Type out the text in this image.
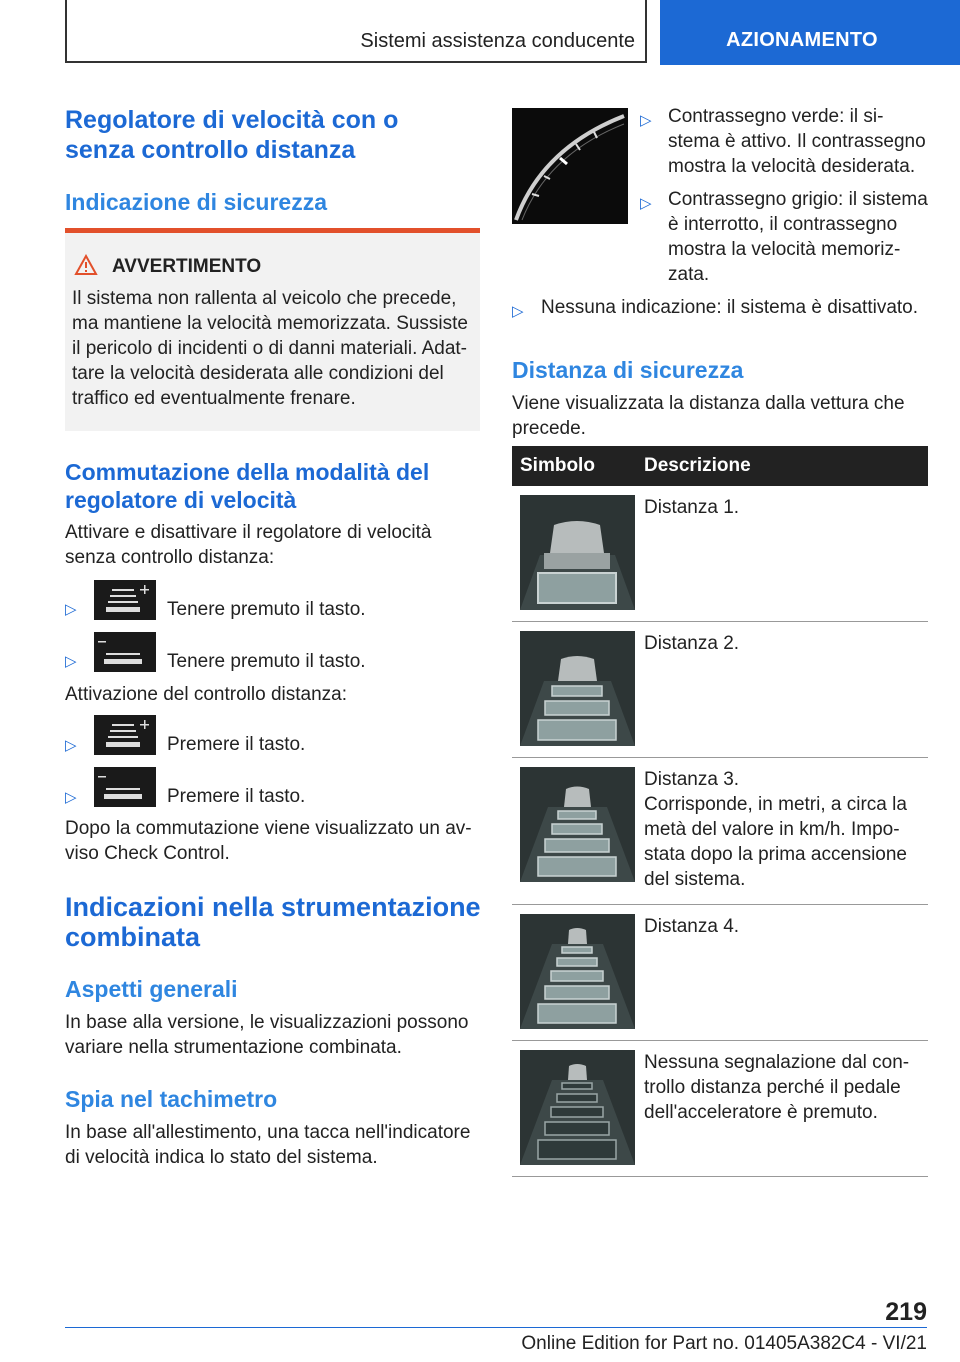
Sistemi assistenza conducente	AZIONAMENTO
Regolatore di velocità con o
senza controllo distanza
Indicazione di sicurezza
AVVERTIMENTO
Il sistema non rallenta al veicolo che precede,
ma mantiene la velocità memorizzata. Sussiste
il pericolo di incidenti o di danni materiali. Adat-
tare la velocità desiderata alle condizioni del
traffico ed eventualmente frenare.
Commutazione della modalità del
regolatore di velocità
Attivare e disattivare il regolatore di velocità
senza controllo distanza:
▷	Tenere premuto il tasto.
▷	Tenere premuto il tasto.
Attivazione del controllo distanza:
▷	Premere il tasto.
▷	Premere il tasto.
Dopo la commutazione viene visualizzato un av-
viso Check Control.
Indicazioni nella strumentazione
combinata
Aspetti generali
In base alla versione, le visualizzazioni possono
variare nella strumentazione combinata.
Spia nel tachimetro
In base all'allestimento, una tacca nell'indicatore
di velocità indica lo stato del sistema.
▷ Contrassegno verde: il si-
stema è attivo. Il contrassegno
mostra la velocità desiderata.
▷ Contrassegno grigio: il sistema
è interrotto, il contrassegno
mostra la velocità memoriz-
zata.
▷ Nessuna indicazione: il sistema è disattivato.
Distanza di sicurezza
Viene visualizzata la distanza dalla vettura che
precede.
Simbolo	Descrizione
Distanza 1.
Distanza 2.
Distanza 3.
Corrisponde, in metri, a circa la
metà del valore in km/h. Impo-
stata dopo la prima accensione
del sistema.
Distanza 4.
Nessuna segnalazione dal con-
trollo distanza perché il pedale
dell'acceleratore è premuto.
219
Online Edition for Part no. 01405A382C4 - VI/21
